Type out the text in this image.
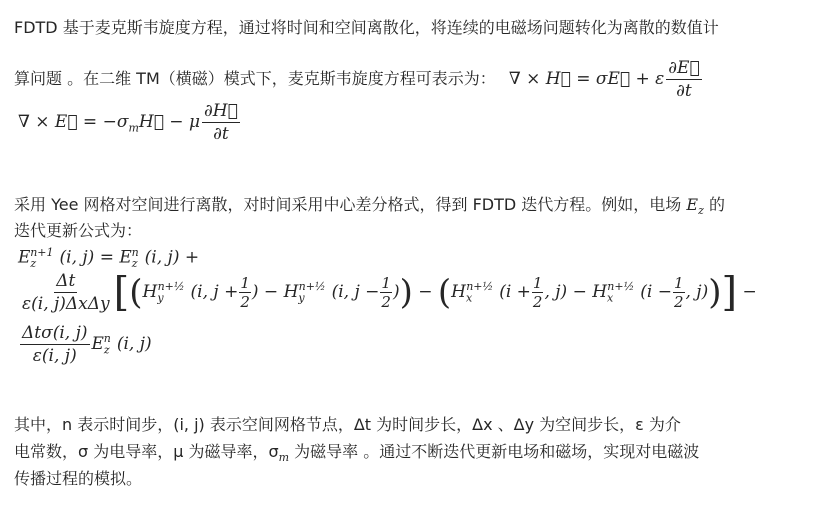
FDTD 基于麦克斯韦旋度方程，通过将时间和空间离散化，将连续的电磁场问题转化为离散的数值计
算问题 。在二维 TM（横磁）模式下，麦克斯韦旋度方程可表示为： ∇ × H⃗ = σE⃗ + ε $\frac{\partial E⃗}{\partial t}$
∇ × E⃗ = $-\sigma_mH⃗ - \mu \frac{\partial H⃗}{\partial t}$
采用 Yee 网格对空间进行离散，对时间采用中心差分格式，得到 FDTD 迭代方程。例如，电场 $E_z$ 的
迭代更新公式为：
$E_z^{n+1}$ (i, $j) = E_z^n$ (i, j) +
$\frac{\Delta t}{\text{ε(i, j)ΔxΔy}} [(H_y^{n+\frac{1}{2}}$ (i, $j + \frac{1}{2}$ ) − $H_y^{n+\frac{1}{2}}$ (i, $j - \frac{1}{2}$ )) − ($H_x^{n+\frac{1}{2}}$ ($i + \frac{1}{2}$ , $j) - H_x^{n+\frac{1}{2}}$ ($i - \frac{1}{2}$ , j))] −
$\frac{\text{Δtσ(i, j)}}{\varepsilon(i, j)} E_z^n$ (i, j)
其中，n 表示时间步，(i, j) 表示空间网格节点，Δt 为时间步长，Δx 、Δy 为空间步长，ε 为介
电常数，σ 为电导率，μ 为磁导率，$\sigma_m$ 为磁导率 。通过不断迭代更新电场和磁场，实现对电磁波
传播过程的模拟。
